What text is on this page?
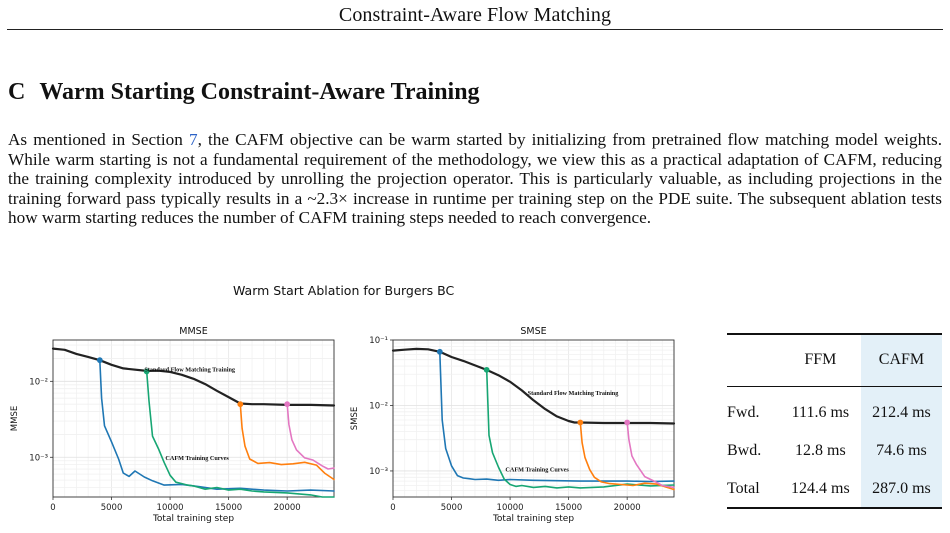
Constraint-Aware Flow Matching
C Warm Starting Constraint-Aware Training
As mentioned in Section 7, the CAFM objective can be warm started by initializing from pretrained flow matching model weights. While warm starting is not a fundamental requirement of the methodology, we view this as a practical adaptation of CAFM, reducing the training complexity introduced by unrolling the projection operator. This is particularly valuable, as including projections in the training forward pass typically results in a ~2.3× increase in runtime per training step on the PDE suite. The subsequent ablation tests how warm starting reduces the number of CAFM training steps needed to reach convergence.
Warm Start Ablation for Burgers BC
0	5000	10000	15000	20000
10⁻²
10⁻³
MMSE
Total training step
MMSE
Standard Flow Matching Training
CAFM Training Curves
0	5000	10000	15000	20000
10⁻¹
10⁻²
10⁻³
SMSE
Total training step
SMSE
Standard Flow Matching Training
CAFM Training Curves
	FFM	CAFM
Fwd.	111.6 ms	212.4 ms
Bwd.	12.8 ms	74.6 ms
Total	124.4 ms	287.0 ms
